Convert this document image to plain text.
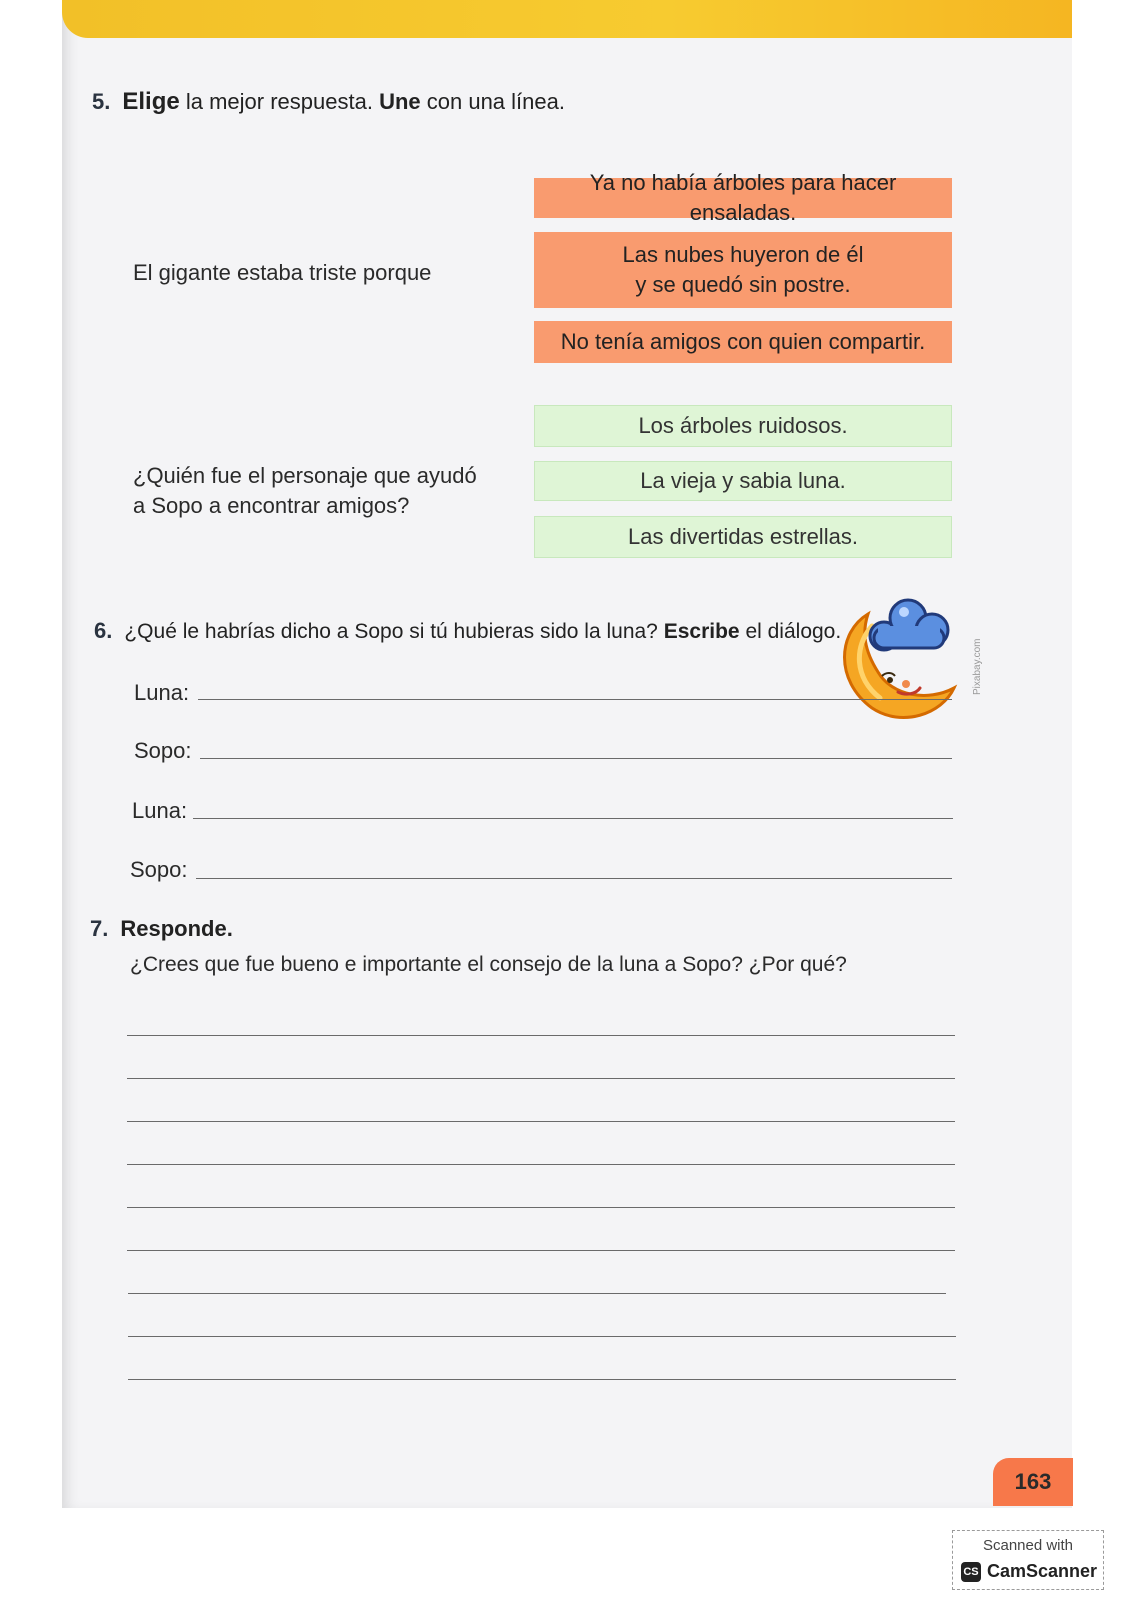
5. Elige la mejor respuesta. Une con una línea.
El gigante estaba triste porque
Ya no había árboles para hacer ensaladas.
Las nubes huyeron de él
y se quedó sin postre.
No tenía amigos con quien compartir.
¿Quién fue el personaje que ayudó
a Sopo a encontrar amigos?
Los árboles ruidosos.
La vieja y sabia luna.
Las divertidas estrellas.
6. ¿Qué le habrías dicho a Sopo si tú hubieras sido la luna? Escribe el diálogo.
Pixabay.com
Luna:
Sopo:
Luna:
Sopo:
7. Responde.
¿Crees que fue bueno e importante el consejo de la luna a Sopo? ¿Por qué?
163
Scanned with
CS CamScanner
